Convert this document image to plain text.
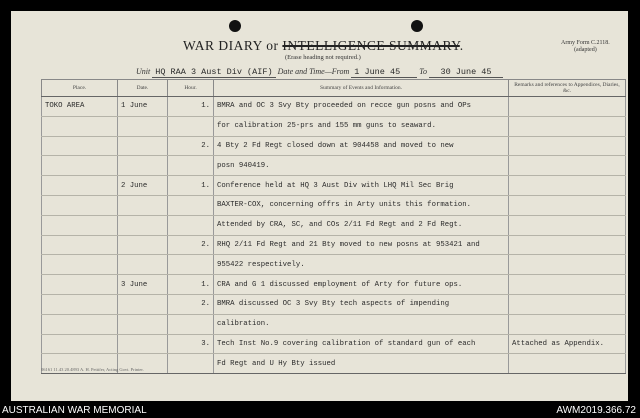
WAR DIARY or INTELLIGENCE SUMMARY.
(Erase heading not required.)
Army Form C.2118.
(adapted)
Unit HQ RAA 3 Aust Div (AIF) Date and Time—From 1 June 45 To 30 June 45
Place.	Date.	Hour.	Summary of Events and Information.	Remarks and references to Appendices, Diaries, &c.
TOKO AREA	1 June	1.	BMRA and OC 3 Svy Bty proceeded on recce gun posns and OPs	
			for calibration 25-prs and 155 mm guns to seaward.	
		2.	4 Bty 2 Fd Regt closed down at 904458 and moved to new	
			posn 940419.	
	2 June	1.	Conference held at HQ 3 Aust Div with LHQ Mil Sec Brig	
			BAXTER-COX, concerning offrs in Arty units this formation.	
			Attended by CRA, SC, and COs 2/11 Fd Regt and 2 Fd Regt.	
		2.	RHQ 2/11 Fd Regt and 21 Bty moved to new posns at 953421 and	
			955422 respectively.	
	3 June	1.	CRA and G 1 discussed employment of Arty for future ops.	
		2.	BMRA discussed OC 3 Svy Bty tech aspects of impending	
			calibration.	
		3.	Tech Inst No.9 covering calibration of standard gun of each	Attached as Appendix.
			Fd Regt and U Hy Bty issued	
06161 11.43 20.4893 A. H. Pettifer, Acting Govt. Printer.
AUSTRALIAN WAR MEMORIAL	AWM2019.366.72
